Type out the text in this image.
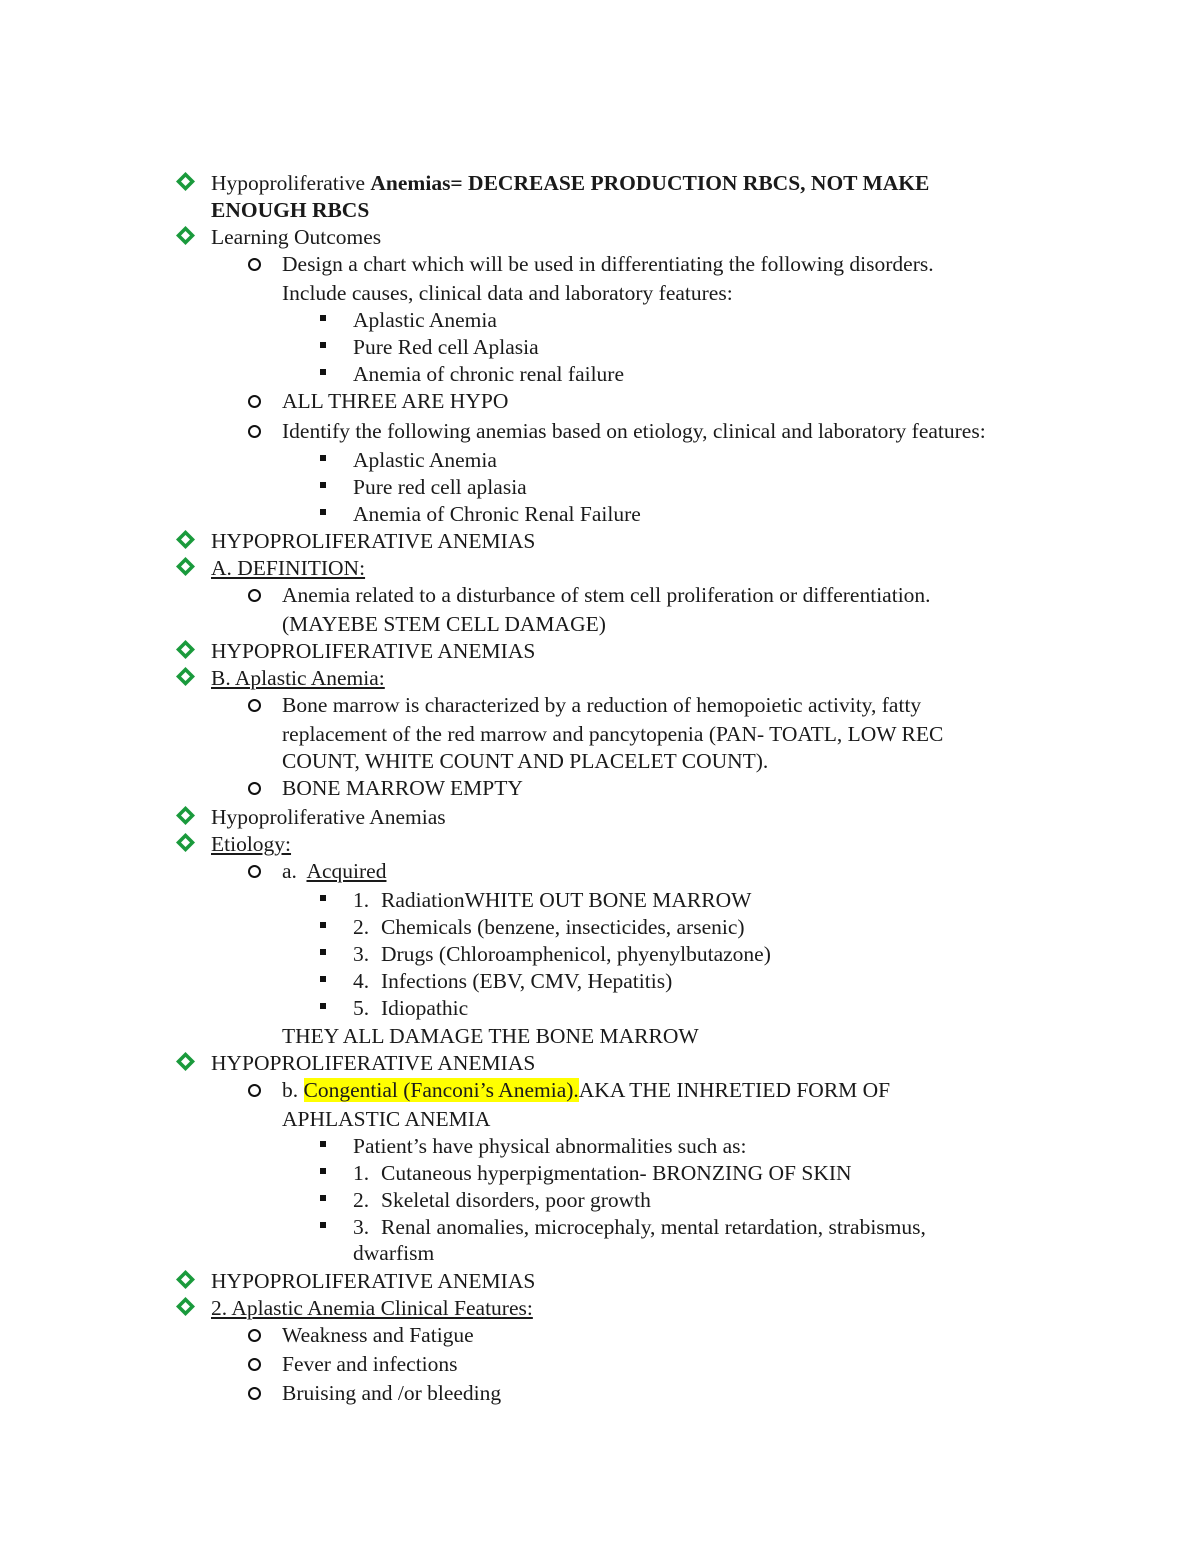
Hypoproliferative Anemias= DECREASE PRODUCTION RBCS, NOT MAKE
ENOUGH RBCS
Learning Outcomes
Design a chart which will be used in differentiating the following disorders.
Include causes, clinical data and laboratory features:
Aplastic Anemia
Pure Red cell Aplasia
Anemia of chronic renal failure
ALL THREE ARE HYPO
Identify the following anemias based on etiology, clinical and laboratory features:
Aplastic Anemia
Pure red cell aplasia
Anemia of Chronic Renal Failure
HYPOPROLIFERATIVE ANEMIAS
A. DEFINITION:
Anemia related to a disturbance of stem cell proliferation or differentiation.
(MAYEBE STEM CELL DAMAGE)
HYPOPROLIFERATIVE ANEMIAS
B. Aplastic Anemia:
Bone marrow is characterized by a reduction of hemopoietic activity, fatty
replacement of the red marrow and pancytopenia (PAN- TOATL, LOW REC
COUNT, WHITE COUNT AND PLACELET COUNT).
BONE MARROW EMPTY
Hypoproliferative Anemias
Etiology:
a.  Acquired
1. RadiationWHITE OUT BONE MARROW
2. Chemicals (benzene, insecticides, arsenic)
3. Drugs (Chloroamphenicol, phyenylbutazone)
4. Infections (EBV, CMV, Hepatitis)
5. Idiopathic
THEY ALL DAMAGE THE BONE MARROW
HYPOPROLIFERATIVE ANEMIAS
b. Congential (Fanconi’s Anemia).AKA THE INHRETIED FORM OF
APHLASTIC ANEMIA
Patient’s have physical abnormalities such as:
1. Cutaneous hyperpigmentation- BRONZING OF SKIN
2. Skeletal disorders, poor growth
3. Renal anomalies, microcephaly, mental retardation, strabismus,
dwarfism
HYPOPROLIFERATIVE ANEMIAS
2. Aplastic Anemia Clinical Features:
Weakness and Fatigue
Fever and infections
Bruising and /or bleeding
